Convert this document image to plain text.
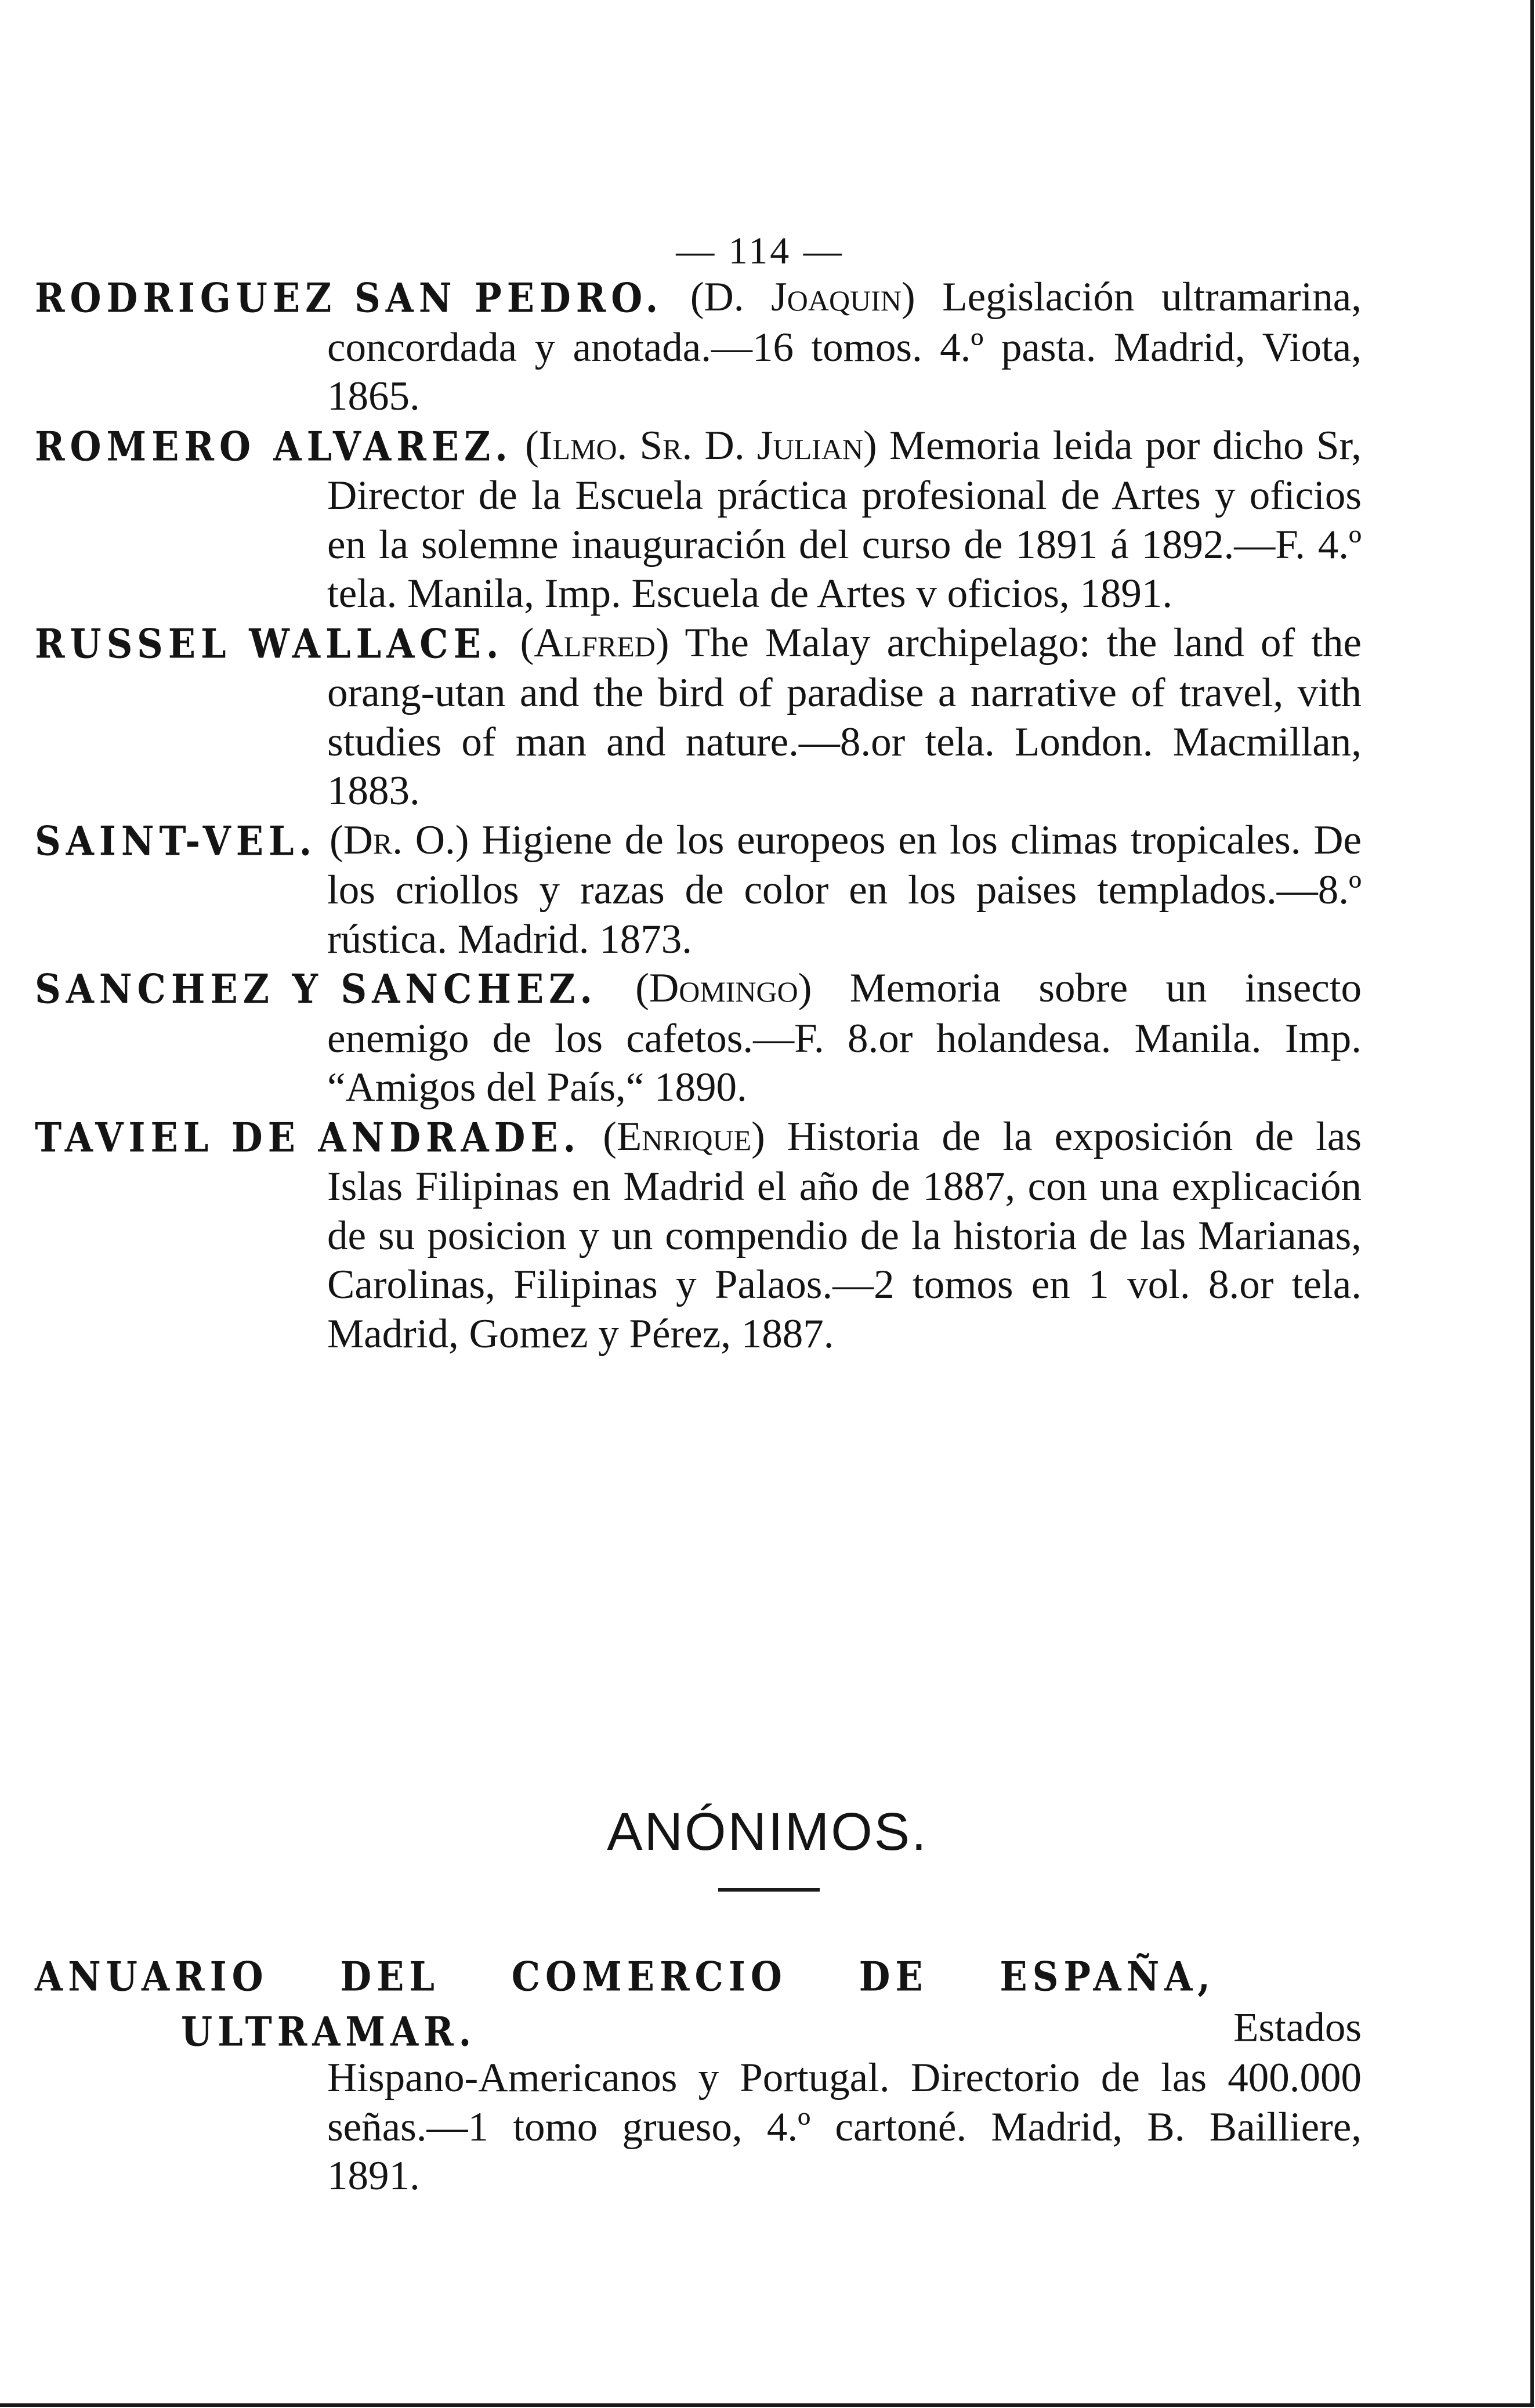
— 114 —

RODRIGUEZ SAN PEDRO. (D. Joaquin) Legislación ultramarina, concordada y anotada.—16 tomos. 4.º pasta. Madrid, Viota, 1865.

ROMERO ALVAREZ. (Ilmo. Sr. D. Julian) Memoria leida por dicho Sr, Director de la Escuela práctica profesional de Artes y oficios en la solemne inauguración del curso de 1891 á 1892.—F. 4.º tela. Manila, Imp. Escuela de Artes v oficios, 1891.

RUSSEL WALLACE. (Alfred) The Malay archipelago: the land of the orang-utan and the bird of paradise a narrative of travel, vith studies of man and nature.—8.or tela. London. Macmillan, 1883.

SAINT-VEL. (Dr. O.) Higiene de los europeos en los climas tropicales. De los criollos y razas de color en los paises templados.—8.º rústica. Madrid. 1873.

SANCHEZ Y SANCHEZ. (Domingo) Memoria sobre un insecto enemigo de los cafetos.—F. 8.or holandesa. Manila. Imp. “Amigos del País,“ 1890.

TAVIEL DE ANDRADE. (Enrique) Historia de la exposición de las Islas Filipinas en Madrid el año de 1887, con una explicación de su posicion y un compendio de la historia de las Marianas, Carolinas, Filipinas y Palaos.—2 tomos en 1 vol. 8.or tela. Madrid, Gomez y Pérez, 1887.

ANÓNIMOS.

ANUARIO DEL COMERCIO DE ESPAÑA, ULTRAMAR.	Estados Hispano-Americanos y Portugal. Directorio de las 400.000 señas.—1 tomo grueso, 4.º cartoné. Madrid, B. Bailliere, 1891.
